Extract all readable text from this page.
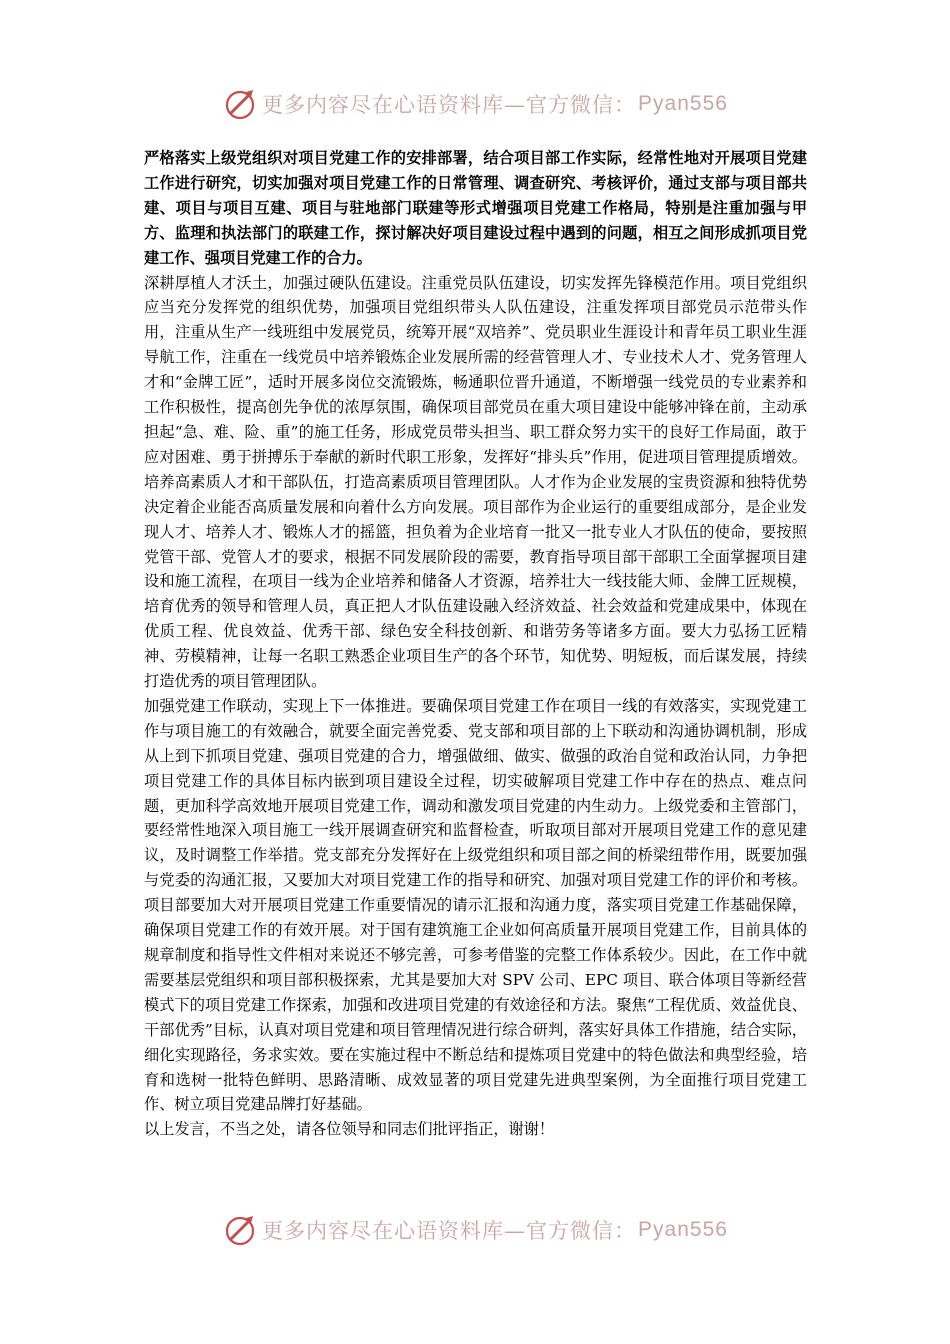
更多内容尽在心语资料库—官方微信： Pyan556

严格落实上级党组织对项目党建工作的安排部署，结合项目部工作实际，经常性地对开展项目党建工作进行研究，切实加强对项目党建工作的日常管理、调查研究、考核评价，通过支部与项目部共建、项目与项目互建、项目与驻地部门联建等形式增强项目党建工作格局，特别是注重加强与甲方、监理和执法部门的联建工作，探讨解决好项目建设过程中遇到的问题，相互之间形成抓项目党建工作、强项目党建工作的合力。

深耕厚植人才沃土，加强过硬队伍建设。注重党员队伍建设，切实发挥先锋模范作用。项目党组织应当充分发挥党的组织优势，加强项目党组织带头人队伍建设，注重发挥项目部党员示范带头作用，注重从生产一线班组中发展党员，统筹开展“双培养”、党员职业生涯设计和青年员工职业生涯导航工作，注重在一线党员中培养锻炼企业发展所需的经营管理人才、专业技术人才、党务管理人才和“金牌工匠”，适时开展多岗位交流锻炼，畅通职位晋升通道，不断增强一线党员的专业素养和工作积极性，提高创先争优的浓厚氛围，确保项目部党员在重大项目建设中能够冲锋在前，主动承担起“急、难、险、重”的施工任务，形成党员带头担当、职工群众努力实干的良好工作局面，敢于应对困难、勇于拼搏乐于奉献的新时代职工形象，发挥好“排头兵”作用，促进项目管理提质增效。培养高素质人才和干部队伍，打造高素质项目管理团队。人才作为企业发展的宝贵资源和独特优势决定着企业能否高质量发展和向着什么方向发展。项目部作为企业运行的重要组成部分，是企业发现人才、培养人才、锻炼人才的摇篮，担负着为企业培育一批又一批专业人才队伍的使命，要按照党管干部、党管人才的要求，根据不同发展阶段的需要，教育指导项目部干部职工全面掌握项目建设和施工流程，在项目一线为企业培养和储备人才资源，培养壮大一线技能大师、金牌工匠规模，培育优秀的领导和管理人员，真正把人才队伍建设融入经济效益、社会效益和党建成果中，体现在优质工程、优良效益、优秀干部、绿色安全科技创新、和谐劳务等诸多方面。要大力弘扬工匠精神、劳模精神，让每一名职工熟悉企业项目生产的各个环节，知优势、明短板，而后谋发展，持续打造优秀的项目管理团队。

加强党建工作联动，实现上下一体推进。要确保项目党建工作在项目一线的有效落实，实现党建工作与项目施工的有效融合，就要全面完善党委、党支部和项目部的上下联动和沟通协调机制，形成从上到下抓项目党建、强项目党建的合力，增强做细、做实、做强的政治自觉和政治认同，力争把项目党建工作的具体目标内嵌到项目建设全过程，切实破解项目党建工作中存在的热点、难点问题，更加科学高效地开展项目党建工作，调动和激发项目党建的内生动力。上级党委和主管部门，要经常性地深入项目施工一线开展调查研究和监督检查，听取项目部对开展项目党建工作的意见建议，及时调整工作举措。党支部充分发挥好在上级党组织和项目部之间的桥梁纽带作用，既要加强与党委的沟通汇报，又要加大对项目党建工作的指导和研究、加强对项目党建工作的评价和考核。项目部要加大对开展项目党建工作重要情况的请示汇报和沟通力度，落实项目党建工作基础保障，确保项目党建工作的有效开展。对于国有建筑施工企业如何高质量开展项目党建工作，目前具体的规章制度和指导性文件相对来说还不够完善，可参考借鉴的完整工作体系较少。因此，在工作中就需要基层党组织和项目部积极探索，尤其是要加大对 SPV 公司、EPC 项目、联合体项目等新经营模式下的项目党建工作探索，加强和改进项目党建的有效途径和方法。聚焦“工程优质、效益优良、干部优秀”目标，认真对项目党建和项目管理情况进行综合研判，落实好具体工作措施，结合实际，细化实现路径，务求实效。要在实施过程中不断总结和提炼项目党建中的特色做法和典型经验，培育和选树一批特色鲜明、思路清晰、成效显著的项目党建先进典型案例，为全面推行项目党建工作、树立项目党建品牌打好基础。

以上发言，不当之处，请各位领导和同志们批评指正，谢谢！

更多内容尽在心语资料库—官方微信： Pyan556
